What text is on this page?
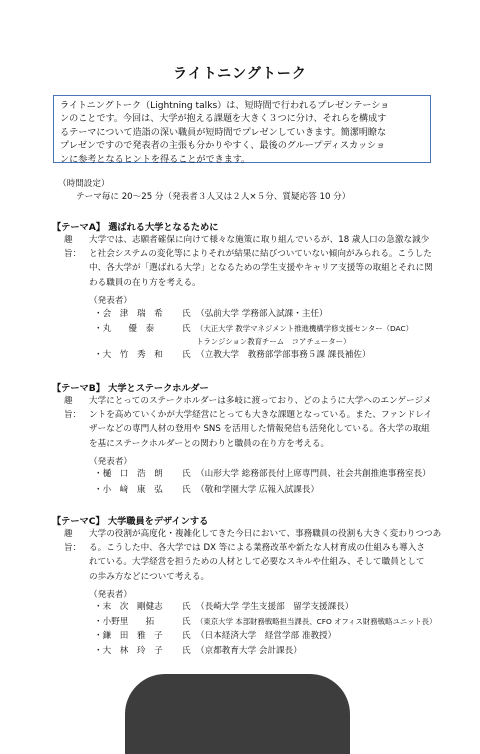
ライトニングトーク
ライトニングトーク（Lightning talks）は、短時間で行われるプレゼンテーショ
ンのことです。今回は、大学が抱える課題を大きく３つに分け、それらを構成す
るテーマについて造詣の深い職員が短時間でプレゼンしていきます。簡潔明瞭な
プレゼンですので発表者の主張も分かりやすく、最後のグループディスカッショ
ンに参考となるヒントを得ることができます。
（時間設定）
テーマ毎に 20～25 分（発表者３人又は２人×５分、質疑応答 10 分）
【テーマA】 選ばれる大学となるために
趣旨：
大学では、志願者確保に向けて様々な施策に取り組んでいるが、18 歳人口の急激な減少
と社会システムの変化等によりそれが結果に結びついていない傾向がみられる。こうした
中、各大学が「選ばれる大学」となるための学生支援やキャリア支援等の取組とそれに関
わる職員の在り方を考える。
（発表者）
・会　津　瑞　希 氏 （弘前大学 学務部入試課・主任）
・丸　　優　泰	氏 （大正大学 教学マネジメント推進機構学修支援センター（DAC）
トランジション教育チーム　コアチューター）
・大　竹　秀　和 氏 （立教大学　教務部学部事務５課 課長補佐）
【テーマB】 大学とステークホルダー
趣旨：
大学にとってのステークホルダーは多岐に渡っており、どのように大学へのエンゲージメ
ントを高めていくかが大学経営にとっても大きな課題となっている。また、ファンドレイ
ザーなどの専門人材の登用や SNS を活用した情報発信も活発化している。各大学の取組
を基にステークホルダーとの関わりと職員の在り方を考える。
（発表者）
・樋　口　浩　朗 氏 （山形大学 総務部長付上席専門員、社会共創推進事務室長）
・小　﨑　康　弘 氏 （敬和学園大学 広報入試課長）
【テーマC】 大学職員をデザインする
趣旨：
大学の役割が高度化・複雑化してきた今日において、事務職員の役割も大きく変わりつつあ
る。こうした中、各大学では DX 等による業務改革や新たな人材育成の仕組みも導入さ
れている。大学経営を担うための人材として必要なスキルや仕組み、そして職員として
の歩み方などについて考える。
（発表者）
・末　次　剛健志 氏 （長崎大学 学生支援部　留学支援課長）
・小野里　　拓	氏 （東京大学 本部財務戦略担当課長、CFO オフィス財務戦略ユニット長）
・鎌　田　雅　子 氏 （日本経済大学　経営学部 准教授）
・大　林　玲　子 氏 （京都教育大学 会計課長）
